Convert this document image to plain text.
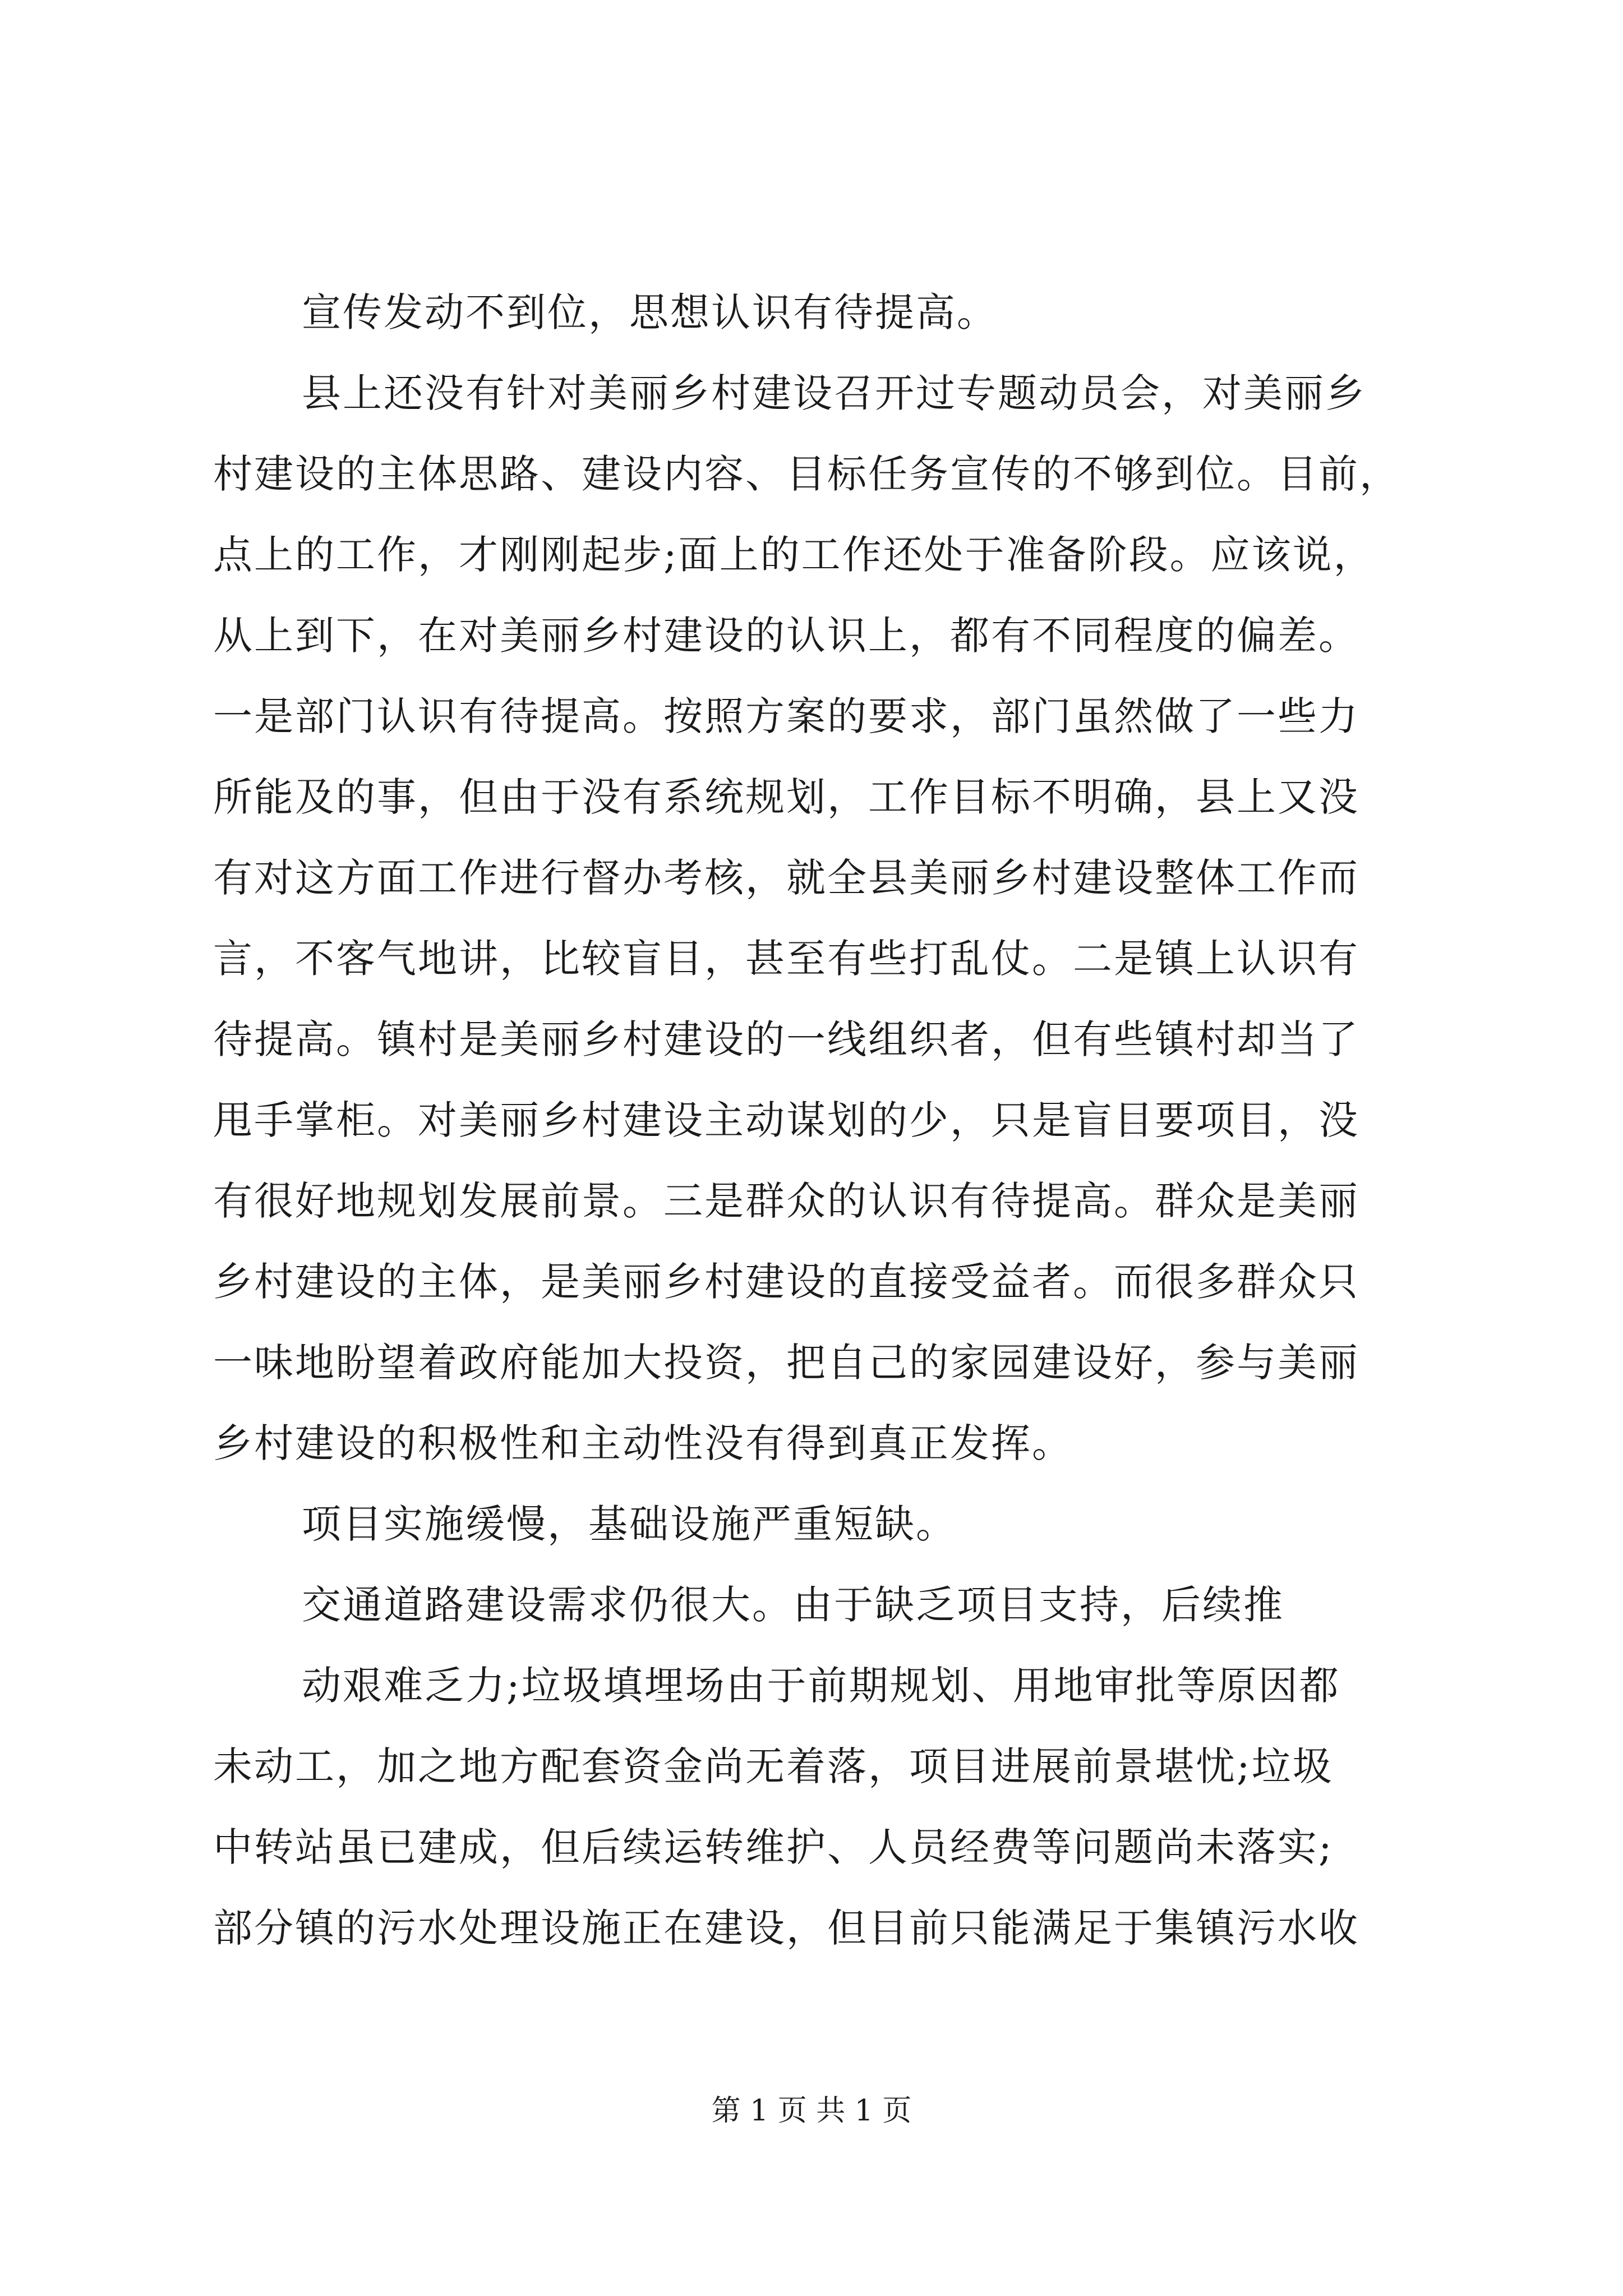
宣传发动不到位，思想认识有待提高。
县上还没有针对美丽乡村建设召开过专题动员会，对美丽乡
村建设的主体思路、建设内容、目标任务宣传的不够到位。目前，
点上的工作，才刚刚起步;面上的工作还处于准备阶段。应该说，
从上到下，在对美丽乡村建设的认识上，都有不同程度的偏差。
一是部门认识有待提高。按照方案的要求，部门虽然做了一些力
所能及的事，但由于没有系统规划，工作目标不明确，县上又没
有对这方面工作进行督办考核，就全县美丽乡村建设整体工作而
言，不客气地讲，比较盲目，甚至有些打乱仗。二是镇上认识有
待提高。镇村是美丽乡村建设的一线组织者，但有些镇村却当了
甩手掌柜。对美丽乡村建设主动谋划的少，只是盲目要项目，没
有很好地规划发展前景。三是群众的认识有待提高。群众是美丽
乡村建设的主体，是美丽乡村建设的直接受益者。而很多群众只
一味地盼望着政府能加大投资，把自己的家园建设好，参与美丽
乡村建设的积极性和主动性没有得到真正发挥。
项目实施缓慢，基础设施严重短缺。
交通道路建设需求仍很大。由于缺乏项目支持，后续推
动艰难乏力;垃圾填埋场由于前期规划、用地审批等原因都
未动工，加之地方配套资金尚无着落，项目进展前景堪忧;垃圾
中转站虽已建成，但后续运转维护、人员经费等问题尚未落实;
部分镇的污水处理设施正在建设，但目前只能满足于集镇污水收
第 1 页 共 1 页
